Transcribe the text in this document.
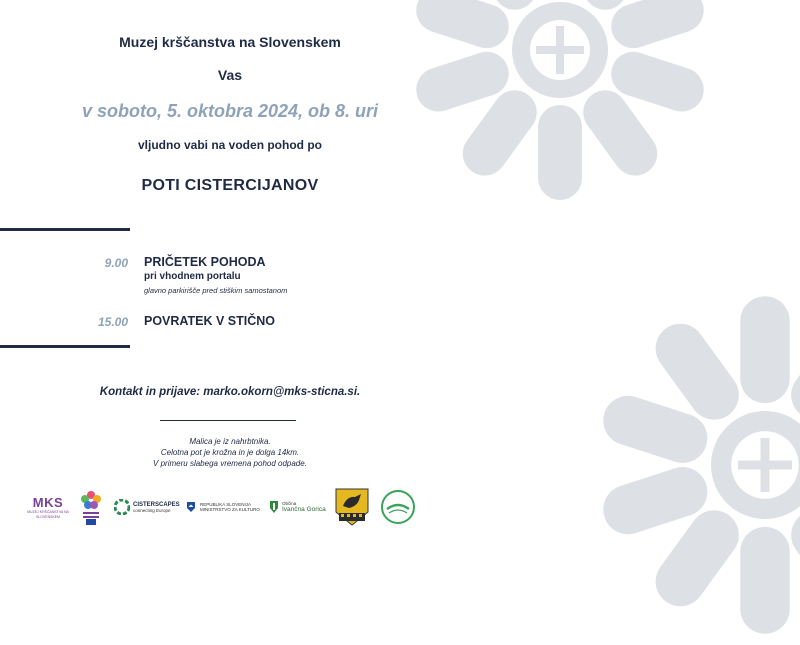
Muzej krščanstva na Slovenskem
Vas
v soboto, 5. oktobra 2024, ob 8. uri
vljudno vabi na voden pohod po
POTI CISTERCIJANOV
9.00 PRIČETEK POHODA
pri vhodnem portalu
glavno parkirišče pred stiškim samostanom
15.00 POVRATEK V STIČNO
Kontakt in prijave: marko.okorn@mks-sticna.si.
Malica je iz nahrbtnika.
Celotna pot je krožna in je dolga 14km.
V primeru slabega vremena pohod odpade.
MKS
MUZEJ KRŠČANSTVA NA SLOVENSKEM
CISTERSCAPES
connecting Europe
REPUBLIKA SLOVENIJA
MINISTRSTVO ZA KULTURO
Občina
Ivančna Gorica
